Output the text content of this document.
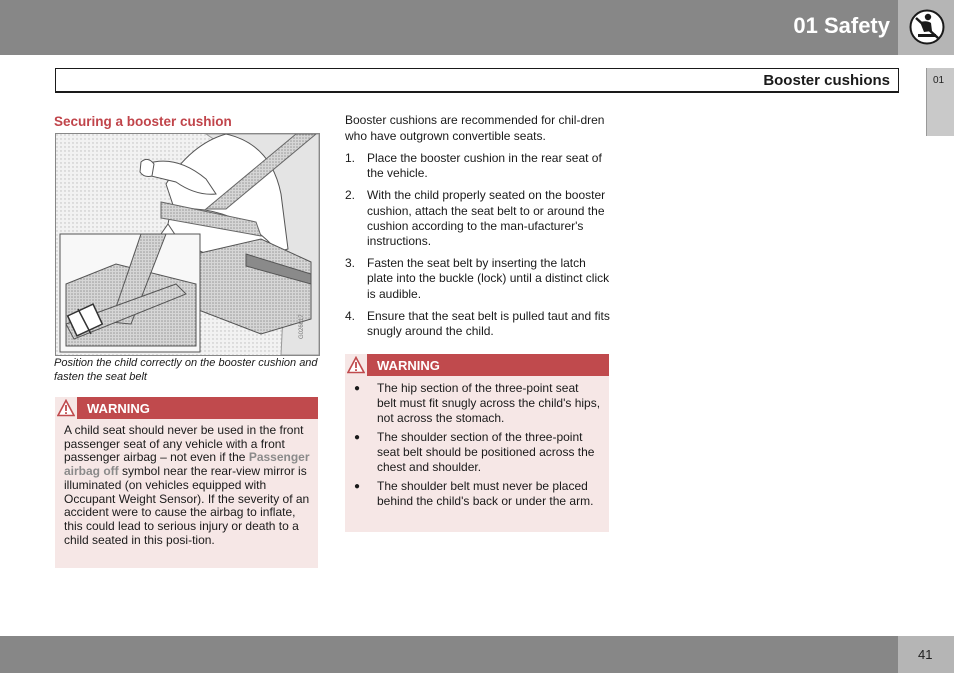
01 Safety
Booster cushions	01
Securing a booster cushion
G026617
Position the child correctly on the booster cushion and fasten the seat belt
WARNING
A child seat should never be used in the front passenger seat of any vehicle with a front passenger airbag – not even if the Passenger airbag off symbol near the rear-view mirror is illuminated (on vehicles equipped with Occupant Weight Sensor). If the severity of an accident were to cause the airbag to inflate, this could lead to serious injury or death to a child seated in this posi-tion.
Booster cushions are recommended for chil-dren who have outgrown convertible seats.
1. Place the booster cushion in the rear seat of the vehicle.
2. With the child properly seated on the booster cushion, attach the seat belt to or around the cushion according to the man-ufacturer's instructions.
3. Fasten the seat belt by inserting the latch plate into the buckle (lock) until a distinct click is audible.
4. Ensure that the seat belt is pulled taut and fits snugly around the child.
WARNING
● The hip section of the three-point seat belt must fit snugly across the child's hips, not across the stomach.
● The shoulder section of the three-point seat belt should be positioned across the chest and shoulder.
● The shoulder belt must never be placed behind the child's back or under the arm.
41
